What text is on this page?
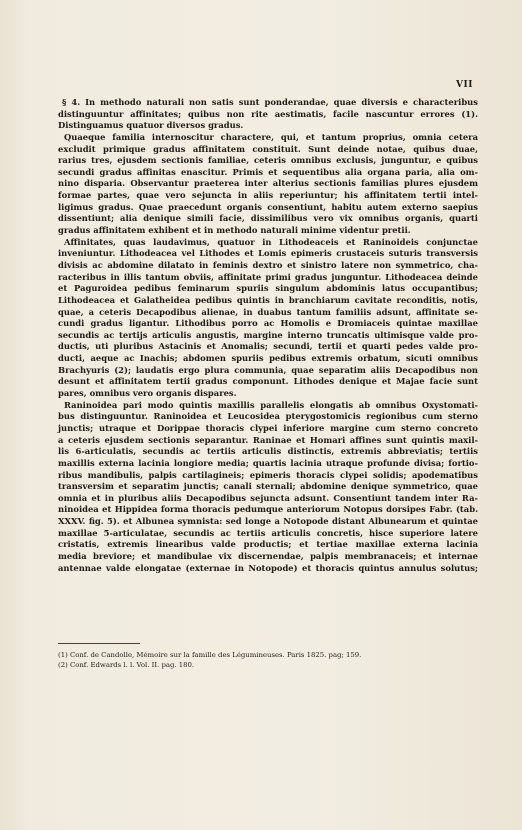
VII

§ 4. In methodo naturali non satis sunt ponderandae, quae diversis e characteribus

distinguuntur affinitates; quibus non rite aestimatis, facile nascuntur errores (1).

Distinguamus quatuor diversos gradus.

Quaeque familia internoscitur charactere, qui, et tantum proprius, omnia cetera

excludit primique gradus affinitatem constituit. Sunt deinde notae, quibus duae,

rarius tres, ejusdem sectionis familiae, ceteris omnibus exclusis, junguntur, e quibus

secundi gradus affinitas enascitur. Primis et sequentibus alia organa paria, alia om-

nino disparia. Observantur praeterea inter alterius sectionis familias plures ejusdem

formae partes, quae vero sejuncta in aliis reperiuntur; his affinitatem tertii intel-

ligimus gradus. Quae praecedunt organis consentiunt, habitu autem externo saepius

dissentiunt; alia denique simili facie, dissimilibus vero vix omnibus organis, quarti

gradus affinitatem exhibent et in methodo naturali minime videntur pretii.

Affinitates, quas laudavimus, quatuor in Lithodeaceis et Raninoideis conjunctae

inveniuntur. Lithodeacea vel Lithodes et Lomis epimeris crustaceis suturis transversis

divisis ac abdomine dilatato in feminis dextro et sinistro latere non symmetrico, cha-

racteribus in illis tantum obviis, affinitate primi gradus junguntur. Lithodeacea deinde

et Paguroidea pedibus feminarum spuriis singulum abdominis latus occupantibus;

Lithodeacea et Galatheidea pedibus quintis in branchiarum cavitate reconditis, notis,

quae, a ceteris Decapodibus alienae, in duabus tantum familiis adsunt, affinitate se-

cundi gradus ligantur. Lithodibus porro ac Homolis e Dromiaceis quintae maxillae

secundis ac tertijs articulis angustis, margine interno truncatis ultimisque valde pro-

ductis, uti pluribus Astacinis et Anomalis; secundi, tertii et quarti pedes valde pro-

ducti, aeque ac Inachis; abdomen spuriis pedibus extremis orbatum, sicuti omnibus

Brachyuris (2); laudatis ergo plura communia, quae separatim aliis Decapodibus non

desunt et affinitatem tertii gradus componunt. Lithodes denique et Majae facie sunt

pares, omnibus vero organis dispares.

Raninoidea pari modo quintis maxillis parallelis elongatis ab omnibus Oxystomati-

bus distinguuntur. Raninoidea et Leucosidea pterygostomicis regionibus cum sterno

junctis; utraque et Dorippae thoracis clypei inferiore margine cum sterno concreto

a ceteris ejusdem sectionis separantur. Raninae et Homari affines sunt quintis maxil-

lis 6-articulatis, secundis ac tertiis articulis distinctis, extremis abbreviatis; tertiis

maxillis externa lacinia longiore media; quartis lacinia utraque profunde divisa; fortio-

ribus mandibulis, palpis cartilagineis; epimeris thoracis clypei solidis; apodematibus

transversim et separatim junctis; canali sternali; abdomine denique symmetrico, quae

omnia et in pluribus aliis Decapodibus sejuncta adsunt. Consentiunt tandem inter Ra-

ninoidea et Hippidea forma thoracis pedumque anteriorum Notopus dorsipes Fabr. (tab.

XXXV. fig. 5). et Albunea symnista: sed longe a Notopode distant Albunearum et quintae

maxillae 5-articulatae, secundis ac tertiis articulis concretis, hisce superiore latere

cristatis, extremis linearibus valde productis; et tertiae maxillae externa lacinia

media breviore; et mandibulae vix discernendae, palpis membranaceis; et internae

antennae valde elongatae (externae in Notopode) et thoracis quintus annulus solutus;

(1) Conf. de Candolle, Mémoire sur la famille des Légumineuses. Paris 1825. pag; 159.
(2) Conf. Edwards l. l. Vol. II. pag. 180.
